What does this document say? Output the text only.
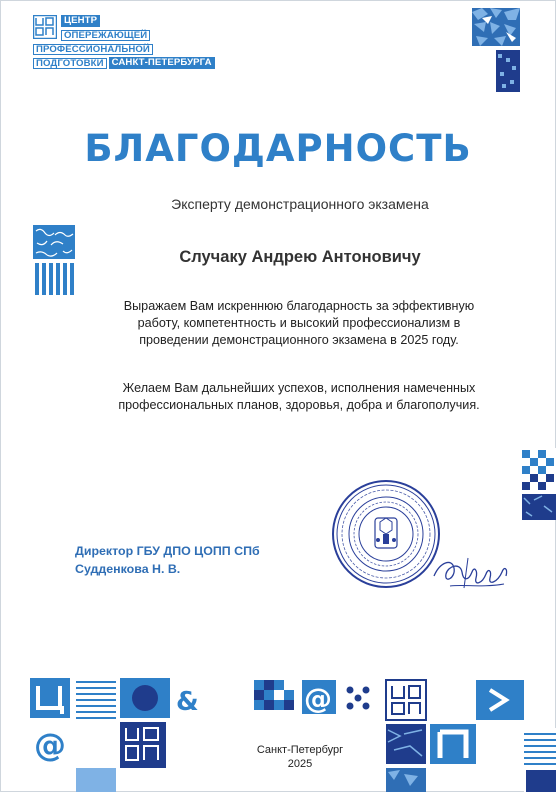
ЦЕНТР
ОПЕРЕЖАЮЩЕЙ
ПРОФЕССИОНАЛЬНОЙ
ПОДГОТОВКИ САНКТ-ПЕТЕРБУРГА
БЛАГОДАРНОСТЬ
Эксперту демонстрационного экзамена
Случаку Андрею Антоновичу
Выражаем Вам искреннюю благодарность за эффективную работу, компетентность и высокий профессионализм в проведении демонстрационного экзамена в 2025 году.
Желаем Вам дальнейших успехов, исполнения намеченных профессиональных планов, здоровья, добра и благополучия.
Директор ГБУ ДПО ЦОПП СПб
Судденкова Н. В.
&
@
@
Санкт-Петербург
2025
